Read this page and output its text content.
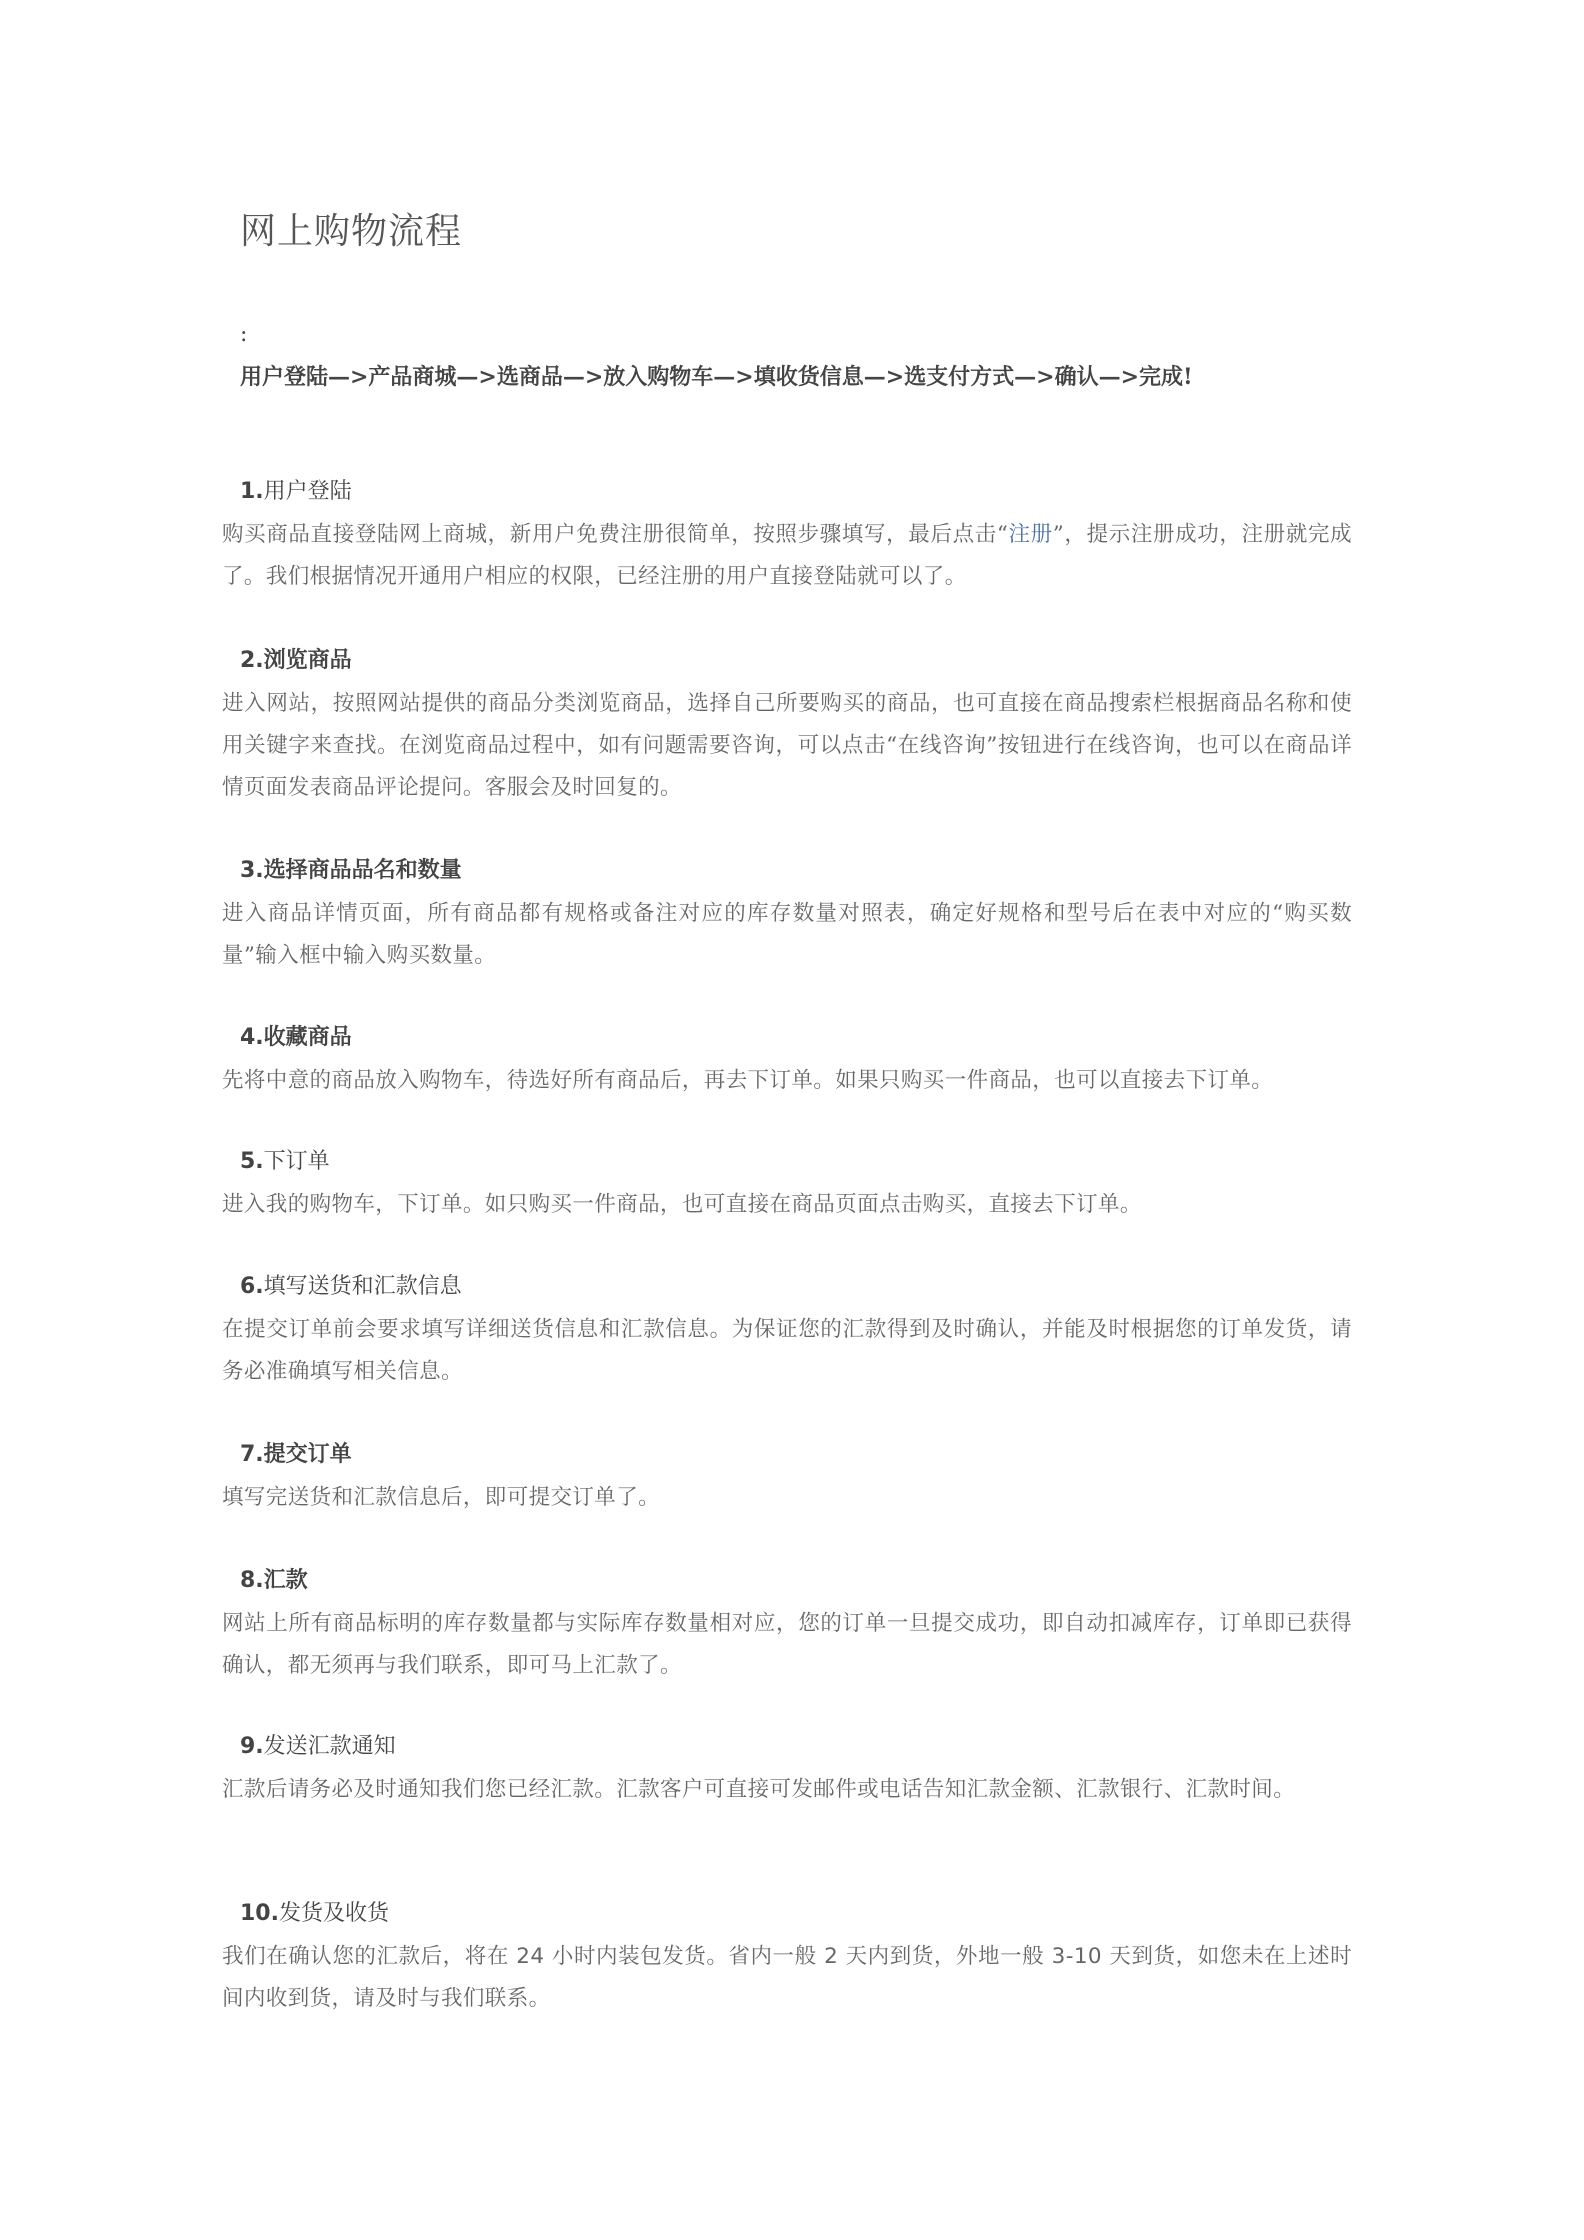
网上购物流程
:
用户登陆—>产品商城—>选商品—>放入购物车—>填收货信息—>选支付方式—>确认—>完成!
1.用户登陆
购买商品直接登陆网上商城，新用户免费注册很简单，按照步骤填写，最后点击“注册”，提示注册成功，注册就完成了。我们根据情况开通用户相应的权限，已经注册的用户直接登陆就可以了。
2.浏览商品
进入网站，按照网站提供的商品分类浏览商品，选择自己所要购买的商品，也可直接在商品搜索栏根据商品名称和使用关键字来查找。在浏览商品过程中，如有问题需要咨询，可以点击“在线咨询”按钮进行在线咨询，也可以在商品详情页面发表商品评论提问。客服会及时回复的。
3.选择商品品名和数量
进入商品详情页面，所有商品都有规格或备注对应的库存数量对照表，确定好规格和型号后在表中对应的“购买数量”输入框中输入购买数量。
4.收藏商品
先将中意的商品放入购物车，待选好所有商品后，再去下订单。如果只购买一件商品，也可以直接去下订单。
5.下订单
进入我的购物车，下订单。如只购买一件商品，也可直接在商品页面点击购买，直接去下订单。
6.填写送货和汇款信息
在提交订单前会要求填写详细送货信息和汇款信息。为保证您的汇款得到及时确认，并能及时根据您的订单发货，请务必准确填写相关信息。
7.提交订单
填写完送货和汇款信息后，即可提交订单了。
8.汇款
网站上所有商品标明的库存数量都与实际库存数量相对应，您的订单一旦提交成功，即自动扣减库存，订单即已获得确认，都无须再与我们联系，即可马上汇款了。
9.发送汇款通知
汇款后请务必及时通知我们您已经汇款。汇款客户可直接可发邮件或电话告知汇款金额、汇款银行、汇款时间。
10.发货及收货
我们在确认您的汇款后，将在 24 小时内装包发货。省内一般 2 天内到货，外地一般 3-10 天到货，如您未在上述时间内收到货，请及时与我们联系。
